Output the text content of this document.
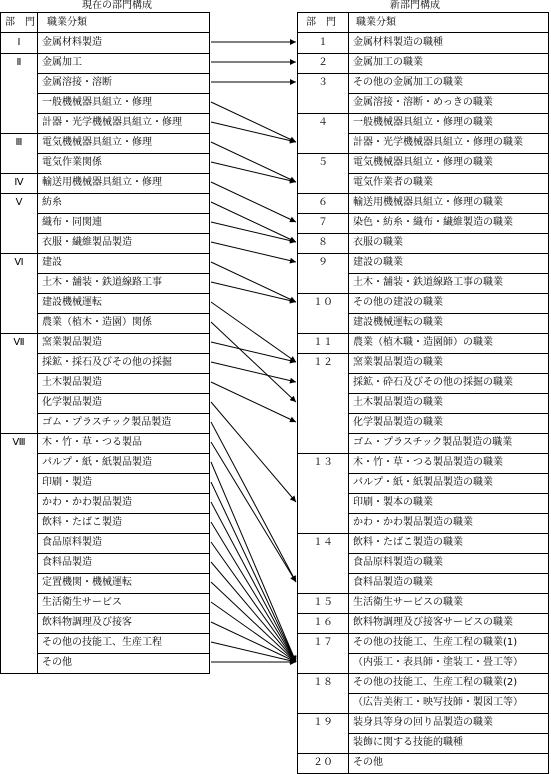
現在の部門構成	新部門構成
部　門 職業分類
Ⅰ	金属材料製造
Ⅱ	金属加工
金属溶接・溶断
一般機械器具組立・修理
計器・光学機械器具組立・修理
Ⅲ	電気機械器具組立・修理
電気作業関係
Ⅳ	輸送用機械器具組立・修理
Ⅴ	紡糸
織布・同関連
衣服・繊維製品製造
Ⅵ	建設
土木・舗装・鉄道線路工事
建設機械運転
農業（植木・造園）関係
Ⅶ	窯業製品製造
採鉱・採石及びその他の採掘
土木製品製造
化学製品製造
ゴム・プラスチック製品製造
Ⅷ	木・竹・草・つる製品
パルプ・紙・紙製品製造
印刷・製造
かわ・かわ製品製造
飲料・たばこ製造
食品原料製造
食料品製造
定置機関・機械運転
生活衛生サービス
飲料物調理及び接客
その他の技能工、生産工程
その他
部　門 職業分類
１	金属材料製造の職種
２	金属加工の職業
３	その他の金属加工の職業
金属溶接・溶断・めっきの職業
４	一般機械器具組立・修理の職業
計器・光学機械器具組立・修理の職業
５	電気機械器具組立・修理の職業
電気作業者の職業
６	輸送用機械器具組立・修理の職業
７	染色・紡糸・織布・繊維製造の職業
８	衣服の職業
９	建設の職業
土木・舗装・鉄道線路工事の職業
１０	その他の建設の職業
建設機械運転の職業
１１	農業（植木職・造園師）の職業
１２	窯業製品製造の職業
採鉱・砕石及びその他の採掘の職業
土木製品製造の職業
化学製品製造の職業
ゴム・プラスチック製品製造の職業
１３	木・竹・草・つる製品製造の職業
パルプ・紙・紙製品製造の職業
印刷・製本の職業
かわ・かわ製品製造の職業
１４	飲料・たばこ製造の職業
食品原料製造の職業
食料品製造の職業
１５	生活衛生サービスの職業
１６	飲料物調理及び接客サービスの職業
１７	その他の技能工、生産工程の職業(1)
（内張工・表具師・塗装工・畳工等）
１８	その他の技能工、生産工程の職業(2)
（広告美術工・映写技師・製図工等）
１９	装身具等身の回り品製造の職業
装飾に関する技能的職種
２０	その他
